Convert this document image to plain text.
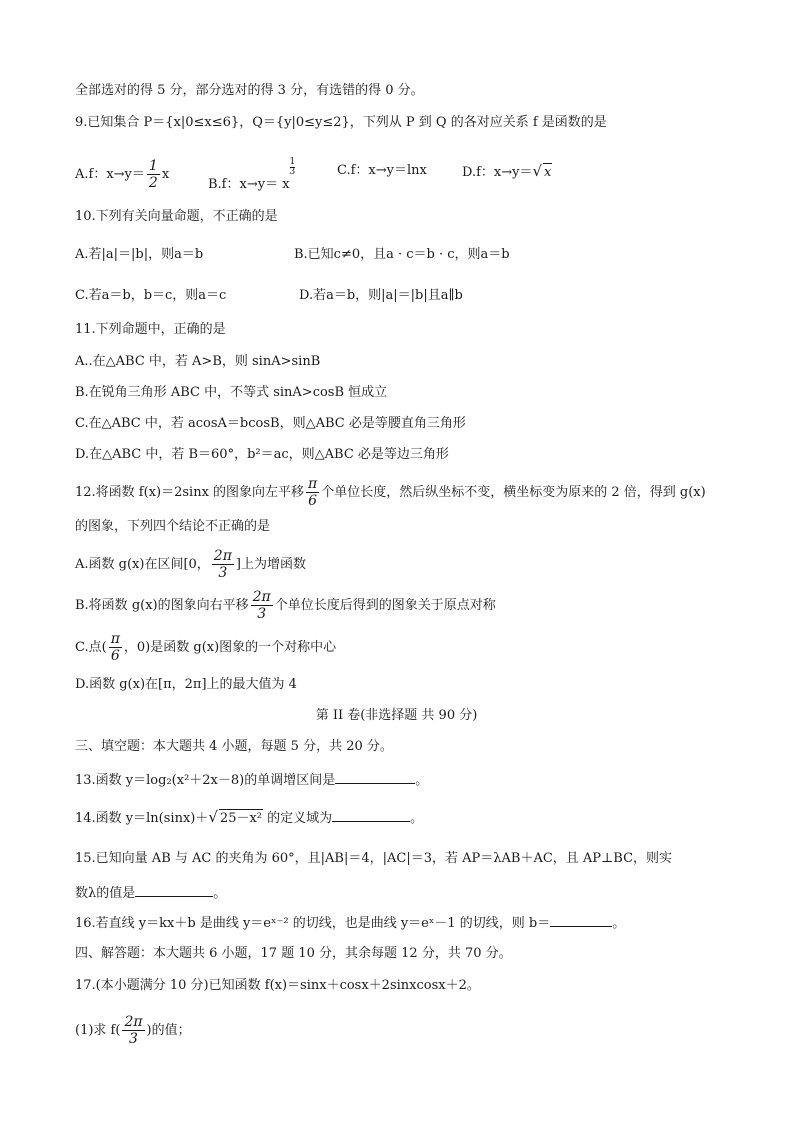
全部选对的得 5 分，部分选对的得 3 分，有选错的得 0 分。
9.已知集合 P＝{x|0≤x≤6}，Q＝{y|0≤y≤2}，下列从 P 到 Q 的各对应关系 f 是函数的是
A.f：$x\to y= \frac{1}{2}$ x
B.f：x→y＝ x
$^{\frac{1}{3}}$	C.f：x→y＝lnx	D.f：x→y＝√ x
10.下列有关向量命题，不正确的是
A.若|a|＝|b|，则a＝b	B.已知c≠0，且a · c＝b · c，则a＝b
C.若a＝b，b＝c，则a＝c	D.若a＝b，则|a|＝|b|且a∥b
11.下列命题中，正确的是
A..在△ABC 中，若 A>B，则 sinA>sinB
B.在锐角三角形 ABC 中，不等式 sinA>cosB 恒成立
C.在△ABC 中，若 acosA＝bcosB，则△ABC 必是等腰直角三角形
D.在△ABC 中，若 B＝60°，b²＝ac，则△ABC 必是等边三角形
12.将函数 f(x)＝2sinx 的图象向左平移 $\frac{\pi}{6}$ 个单位长度，然后纵坐标不变，横坐标变为原来的 2 倍，得到 g(x)
的图象，下列四个结论不正确的是
A.函数 g(x)在区间[0， $\frac{2\pi}{3}$ ]上为增函数
B.将函数 g(x)的图象向右平移 $\frac{2\pi}{3}$ 个单位长度后得到的图象关于原点对称
C.点( $\frac{\pi}{6}$ ，0)是函数 g(x)图象的一个对称中心
D.函数 g(x)在[π，2π]上的最大值为 4
第 II 卷(非选择题 共 90 分)
三、填空题：本大题共 4 小题，每题 5 分，共 20 分。
13.函数 y＝log₂(x²＋2x－8)的单调增区间是	。
14.函数 y＝ln(sinx)＋√ 25－x² 的定义域为	。
15.已知向量 AB 与 AC 的夹角为 60°，且|AB|＝4，|AC|＝3，若 AP＝λAB＋AC，且 AP⊥BC，则实
数λ的值是	。
16.若直线 y＝kx＋b 是曲线 y＝eˣ⁻² 的切线，也是曲线 y＝eˣ－1 的切线，则 b＝	。
四、解答题：本大题共 6 小题，17 题 10 分，其余每题 12 分，共 70 分。
17.(本小题满分 10 分)已知函数 f(x)＝sinx＋cosx＋2sinxcosx＋2。
(1)求 $f( \frac{2\pi}{3}$ )的值；
